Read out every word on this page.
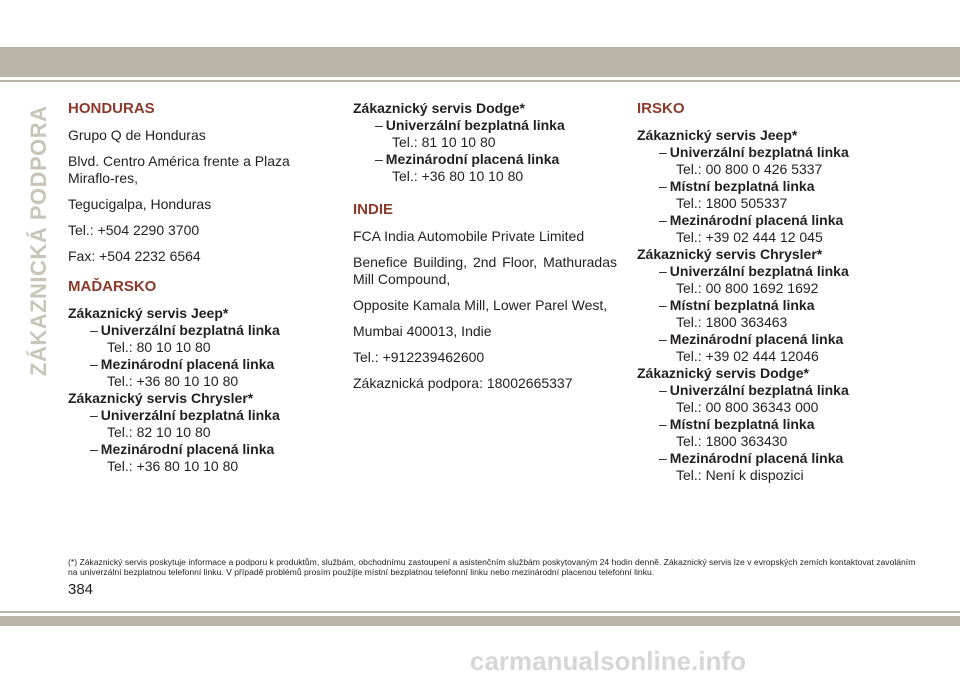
ZÁKAZNICKÁ PODPORA HONDURAS
Grupo Q de Honduras
Blvd. Centro América frente a Plaza Miraflo-res,
Tegucigalpa, Honduras
Tel.: +504 2290 3700
Fax: +504 2232 6564
MAĎARSKO
Zákaznický servis Jeep*
– Univerzální bezplatná linka
Tel.: 80 10 10 80
– Mezinárodní placená linka
Tel.: +36 80 10 10 80
Zákaznický servis Chrysler*
– Univerzální bezplatná linka
Tel.: 82 10 10 80
– Mezinárodní placená linka
Tel.: +36 80 10 10 80
Zákaznický servis Dodge*
– Univerzální bezplatná linka
Tel.: 81 10 10 80
– Mezinárodní placená linka
Tel.: +36 80 10 10 80
INDIE
FCA India Automobile Private Limited
Benefice Building, 2nd Floor, Mathuradas Mill Compound,
Opposite Kamala Mill, Lower Parel West,
Mumbai 400013, Indie
Tel.: +912239462600
Zákaznická podpora: 18002665337
IRSKO
Zákaznický servis Jeep*
– Univerzální bezplatná linka
Tel.: 00 800 0 426 5337
– Místní bezplatná linka
Tel.: 1800 505337
– Mezinárodní placená linka
Tel.: +39 02 444 12 045
Zákaznický servis Chrysler*
– Univerzální bezplatná linka
Tel.: 00 800 1692 1692
– Místní bezplatná linka
Tel.: 1800 363463
– Mezinárodní placená linka
Tel.: +39 02 444 12046
Zákaznický servis Dodge*
– Univerzální bezplatná linka
Tel.: 00 800 36343 000
– Místní bezplatná linka
Tel.: 1800 363430
– Mezinárodní placená linka
Tel.: Není k dispozici
(*) Zákaznický servis poskytuje informace a podporu k produktům, službám, obchodnímu zastoupení a asistenčním službám poskytovaným 24 hodin denně. Zákaznický servis lze v evropských zemích kontaktovat zavoláním na univerzální bezplatnou telefonní linku. V případě problémů prosím použijte místní bezplatnou telefonní linku nebo mezinárodní placenou telefonní linku.
384
carmanualsonline.info
